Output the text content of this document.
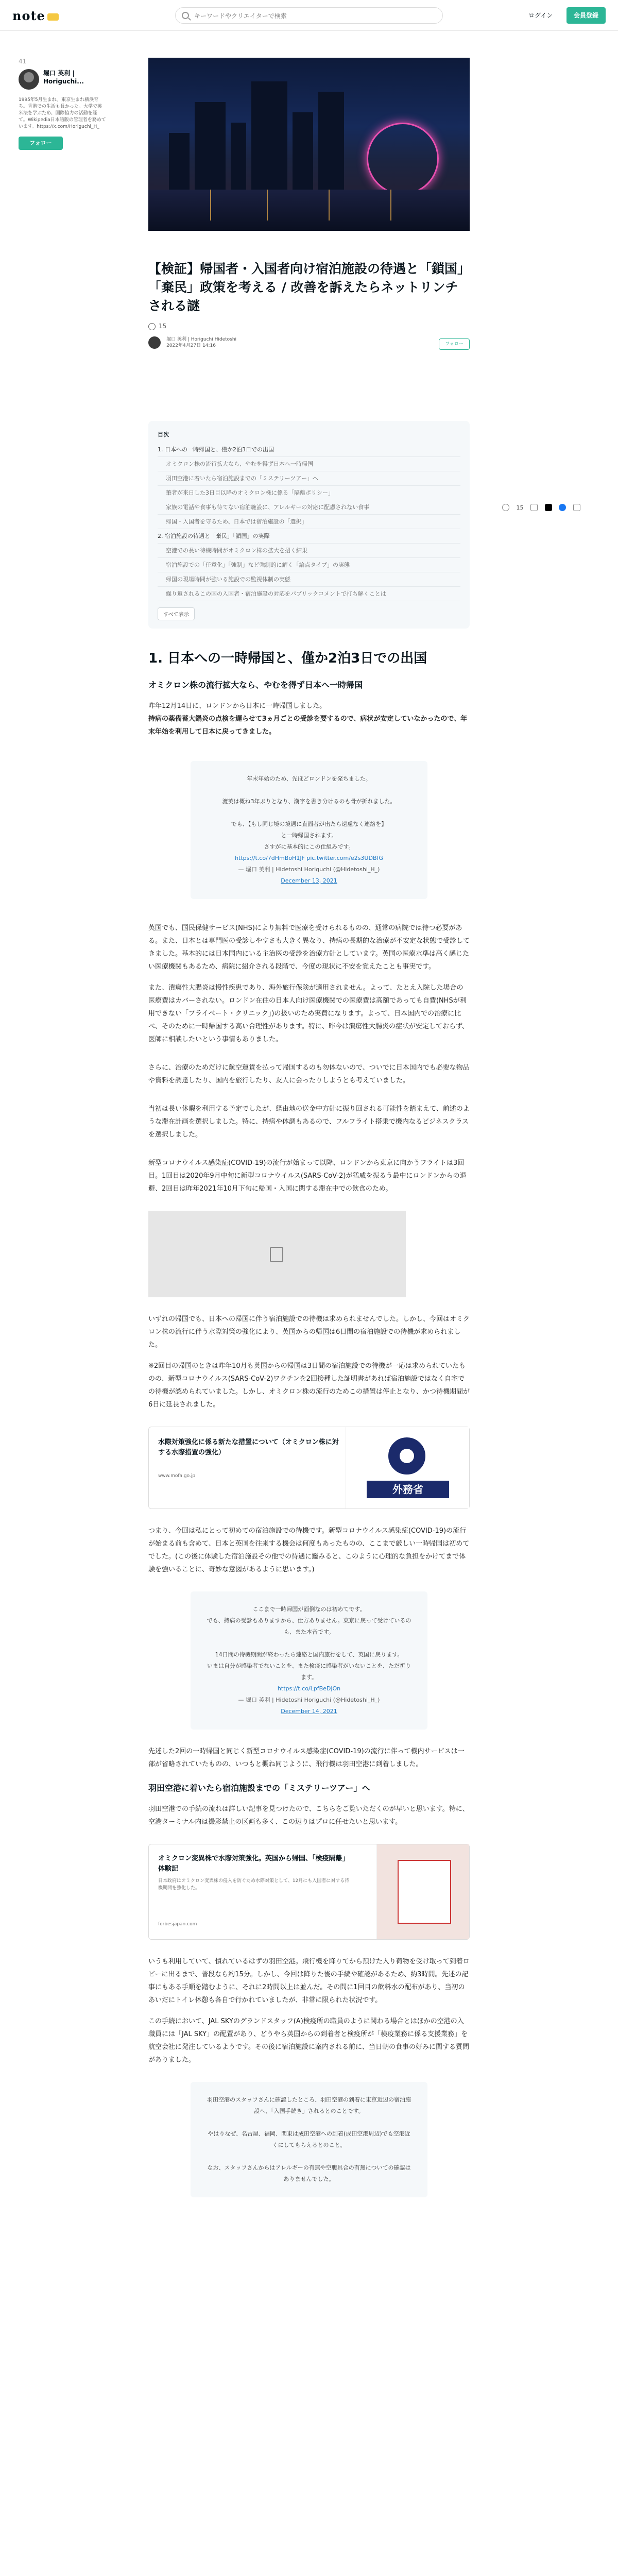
note
キーワードやクリエイターで検索	ログイン	会員登録
41
堀口 英利 | Horiguchi...
1995年5月生まれ。東京生まれ横浜育ち。香港での生活も長かった。大学で英米法を学ぶため、国際協力の活動を経て。Wikipedia日本語版の管理者を務めています。https://x.com/Horiguchi_H_
フォロー
15
【検証】帰国者・入国者向け宿泊施設の待遇と「鎖国」「棄民」政策を考える / 改善を訴えたらネットリンチされる謎
15

堀口 英利 | Horiguchi Hidetoshi
2022年4月27日 14:16	フォロー
目次
1. 日本への一時帰国と、僅か2泊3日での出国
オミクロン株の流行拡大なら、やむを得ず日本へ一時帰国
羽田空港に着いたら宿泊施設までの「ミステリーツアー」へ
筆者が来日した3日目以降のオミクロン株に係る「隔離ポリシー」
家族の電話や食事も待てない宿泊施設に、アレルギーの対応に配慮されない食事
帰国・入国者を守るため、日本では宿泊施設の「選択」
2. 宿泊施設の待遇と「棄民」「鎖国」の実際
空港での長い待機時間がオミクロン株の拡大を招く結果
宿泊施設での「任意化」「強制」など強制的に解く「論点タイプ」の実態
帰国の現場時間が強いる施設での監視体制の実態
繰り返されるこの国の入国者・宿泊施設の対応をパブリックコメントで打ち解くことは
すべて表示
1. 日本への一時帰国と、僅か2泊3日での出国
オミクロン株の流行拡大なら、やむを得ず日本へ一時帰国

昨年12月14日に、ロンドンから日本に一時帰国しました。
持病の薬備蓄大鍋炎の点検を遅らせて3ヵ月ごとの受診を要するので、病状が安定していなかったので、年末年始を利用して日本に戻ってきました。

年末年始のため、先ほどロンドンを発ちました。

渡英は概ね3年ぶりとなり、漢字を書き分けるのも骨が折れました。

でも、【もし同じ境の境遇に直面者が出たら遠慮なく連絡を】
と一時帰国されます。
さすがに基本的にこの仕組みです。
https://t.co/7dHmBoH1JF pic.twitter.com/e2s3UDBfG
— 堀口 英利 | Hidetoshi Horiguchi (@Hidetoshi_H_)
December 13, 2021

英国でも、国民保健サービス(NHS)により無料で医療を受けられるものの、通常の病院では待つ必要がある。また、日本とは専門医の受診しやすさも大きく異なり、持病の長期的な治療が不安定な状態で受診してきました。基本的には日本国内にいる主治医の受診を治療方針としています。英国の医療水準は高く感じたい医療機関もあるため、病院に紹介される段階で、今度の現状に不安を覚えたことも事実です。

また、潰瘍性大腸炎は慢性疾患であり、海外旅行保険が適用されません。よって、たとえ入院した場合の医療費はカバーされない。ロンドン在住の日本人向け医療機関での医療費は高額であっても自費(NHSが利用できない「プライベート・クリニック」)の扱いのため実費になります。よって、日本国内での治療に比べ、そのために一時帰国する高い合理性があります。特に、昨今は潰瘍性大腸炎の症状が安定しておらず、医師に相談したいという事情もありました。

さらに、治療のためだけに航空運賃を払って帰国するのも勿体ないので、ついでに日本国内でも必要な物品や資料を調達したり、国内を旅行したり、友人に会ったりしようとも考えていました。

当初は長い休暇を利用する予定でしたが、経由地の送金中方針に振り回される可能性を踏まえて、前述のような滞在計画を選択しました。特に、持病や体調もあるので、フルフライト搭乗で機内なるビジネスクラスを選択しました。

新型コロナウイルス感染症(COVID-19)の流行が始まって以降、ロンドンから東京に向かうフライトは3回目。1回目は2020年9月中旬に新型コロナウイルス(SARS-CoV-2)が猛威を振るう最中にロンドンからの退避、2回目は昨年2021年10月下旬に帰国・入国に関する滞在中での飲食のため。

いずれの帰国でも、日本への帰国に伴う宿泊施設での待機は求められませんでした。しかし、今回はオミクロン株の流行に伴う水際対策の強化により、英国からの帰国は6日間の宿泊施設での待機が求められました。

※2回目の帰国のときは昨年10月も英国からの帰国は3日間の宿泊施設での待機が一応は求められていたものの、新型コロナウイルス(SARS-CoV-2)ワクチンを2回接種した証明書があれば宿泊施設ではなく自宅での待機が認められていました。しかし、オミクロン株の流行のためこの措置は停止となり、かつ待機期間が6日に延長されました。

水際対策強化に係る新たな措置について（オミクロン株に対する水際措置の強化）
www.mofa.go.jp
外務省

つまり、今回は私にとって初めての宿泊施設での待機です。新型コロナウイルス感染症(COVID-19)の流行が始まる前も含めて、日本と英国を往来する機会は何度もあったものの、ここまで厳しい一時帰国は初めてでした。(この後に体験した宿泊施設その他での待遇に鑑みると、このように心理的な負担をかけてまで体験を強いることに、奇妙な意図があるように思います。)

ここまで一時帰国が面倒なのは初めてです。
でも、持病の受診もありますから、仕方ありません。東京に戻って受けているのも、また本音です。

14日間の待機期間が終わったら連絡と国内旅行をして、英国に戻ります。
いまは自分が感染者でないことを、また検疫に感染者がいないことを、ただ祈ります。
https://t.co/LpfBeDjOn
— 堀口 英利 | Hidetoshi Horiguchi (@Hidetoshi_H_)
December 14, 2021

先述した2回の一時帰国と同じく新型コロナウイルス感染症(COVID-19)の流行に伴って機内サービスは一部が省略されていたものの、いつもと概ね同じように、飛行機は羽田空港に到着しました。

羽田空港に着いたら宿泊施設までの「ミステリーツアー」へ

羽田空港での手続の流れは詳しい記事を見つけたので、こちらをご覧いただくのが早いと思います。特に、空港ターミナル内は撮影禁止の区画も多く、この辺りはプロに任せたいと思います。

オミクロン変異株で水際対策強化。英国から帰国、「検疫隔離」体験記
日本政府はオミクロン変異株の侵入を防ぐため水際対策として、12月にも入国者に対する待機期間を強化した。
forbesjapan.com

いうも利用していて、慣れているはずの羽田空港。飛行機を降りてから預けた入り荷物を受け取って到着ロビーに出るまで、普段なら約15分。しかし、今回は降りた後の手続や確認があるため、約3時間。先述の記事にもある手順を踏むように、それに2時間以上は並んだ。その間に1回目の飲料水の配布があり、当初のあいだにトイレ休憩も各自で行かれていましたが、非常に限られた状況です。

この手続において、JAL SKYのグランドスタッフ(A)検疫所の職員のように関わる場合とはほかの空港の入職員には「JAL SKY」の配置があり、どうやら英国からの到着者と検疫所が「検疫業務に係る支援業務」を航空会社に発注しているようです。その後に宿泊施設に案内される前に、当日朝の食事の好みに関する質問がありました。

羽田空港のスタッフさんに確認したところ、羽田空港の到着に東京近辺の宿泊施設へ、「入国手続き」されるとのことです。

やはりなぜ、名古屋、福岡、関東は成田空港への到着(成田空港周辺)でも空港近くにしてもらえるとのこと。

なお、スタッフさんからはアレルギーの有無や空腹具合の有無についての確認はありませんでした。
